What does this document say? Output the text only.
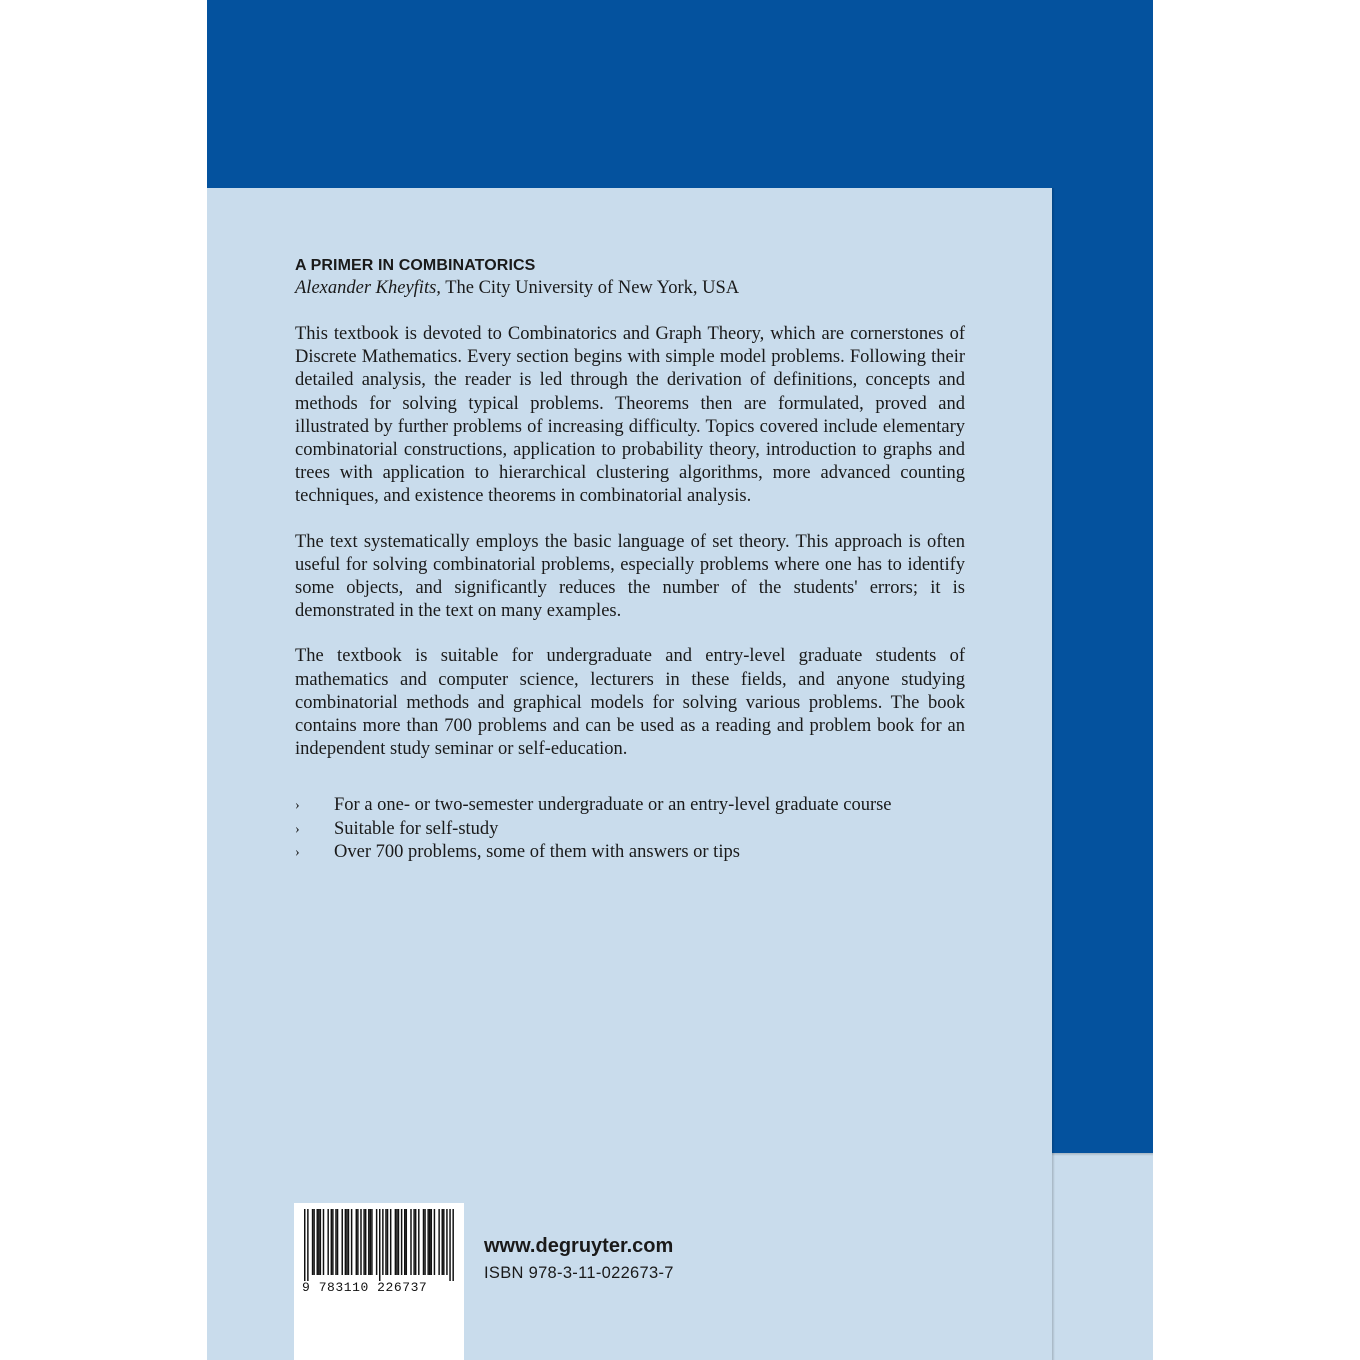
A PRIMER IN COMBINATORICS

Alexander Kheyfits, The City University of New York, USA

This textbook is devoted to Combinatorics and Graph Theory, which are cornerstones of Discrete Mathematics. Every section begins with simple model problems. Following their detailed analysis, the reader is led through the derivation of definitions, concepts and methods for solving typical problems. Theorems then are formulated, proved and illustrated by further problems of increasing difficulty. Topics covered include elementary combinatorial constructions, application to probability theory, introduction to graphs and trees with application to hierarchical clustering algorithms, more advanced counting techniques, and existence theorems in combinatorial analysis.

The text systematically employs the basic language of set theory. This approach is often useful for solving combinatorial problems, especially problems where one has to identify some objects, and significantly reduces the number of the students' errors; it is demonstrated in the text on many examples.

The textbook is suitable for undergraduate and entry-level graduate students of mathematics and computer science, lecturers in these fields, and anyone studying combinatorial methods and graphical models for solving various problems. The book contains more than 700 problems and can be used as a reading and problem book for an independent study seminar or self-education.

› For a one- or two-semester undergraduate or an entry-level graduate course
› Suitable for self-study
› Over 700 problems, some of them with answers or tips
9 783110 226737
www.degruyter.com
ISBN 978-3-11-022673-7
